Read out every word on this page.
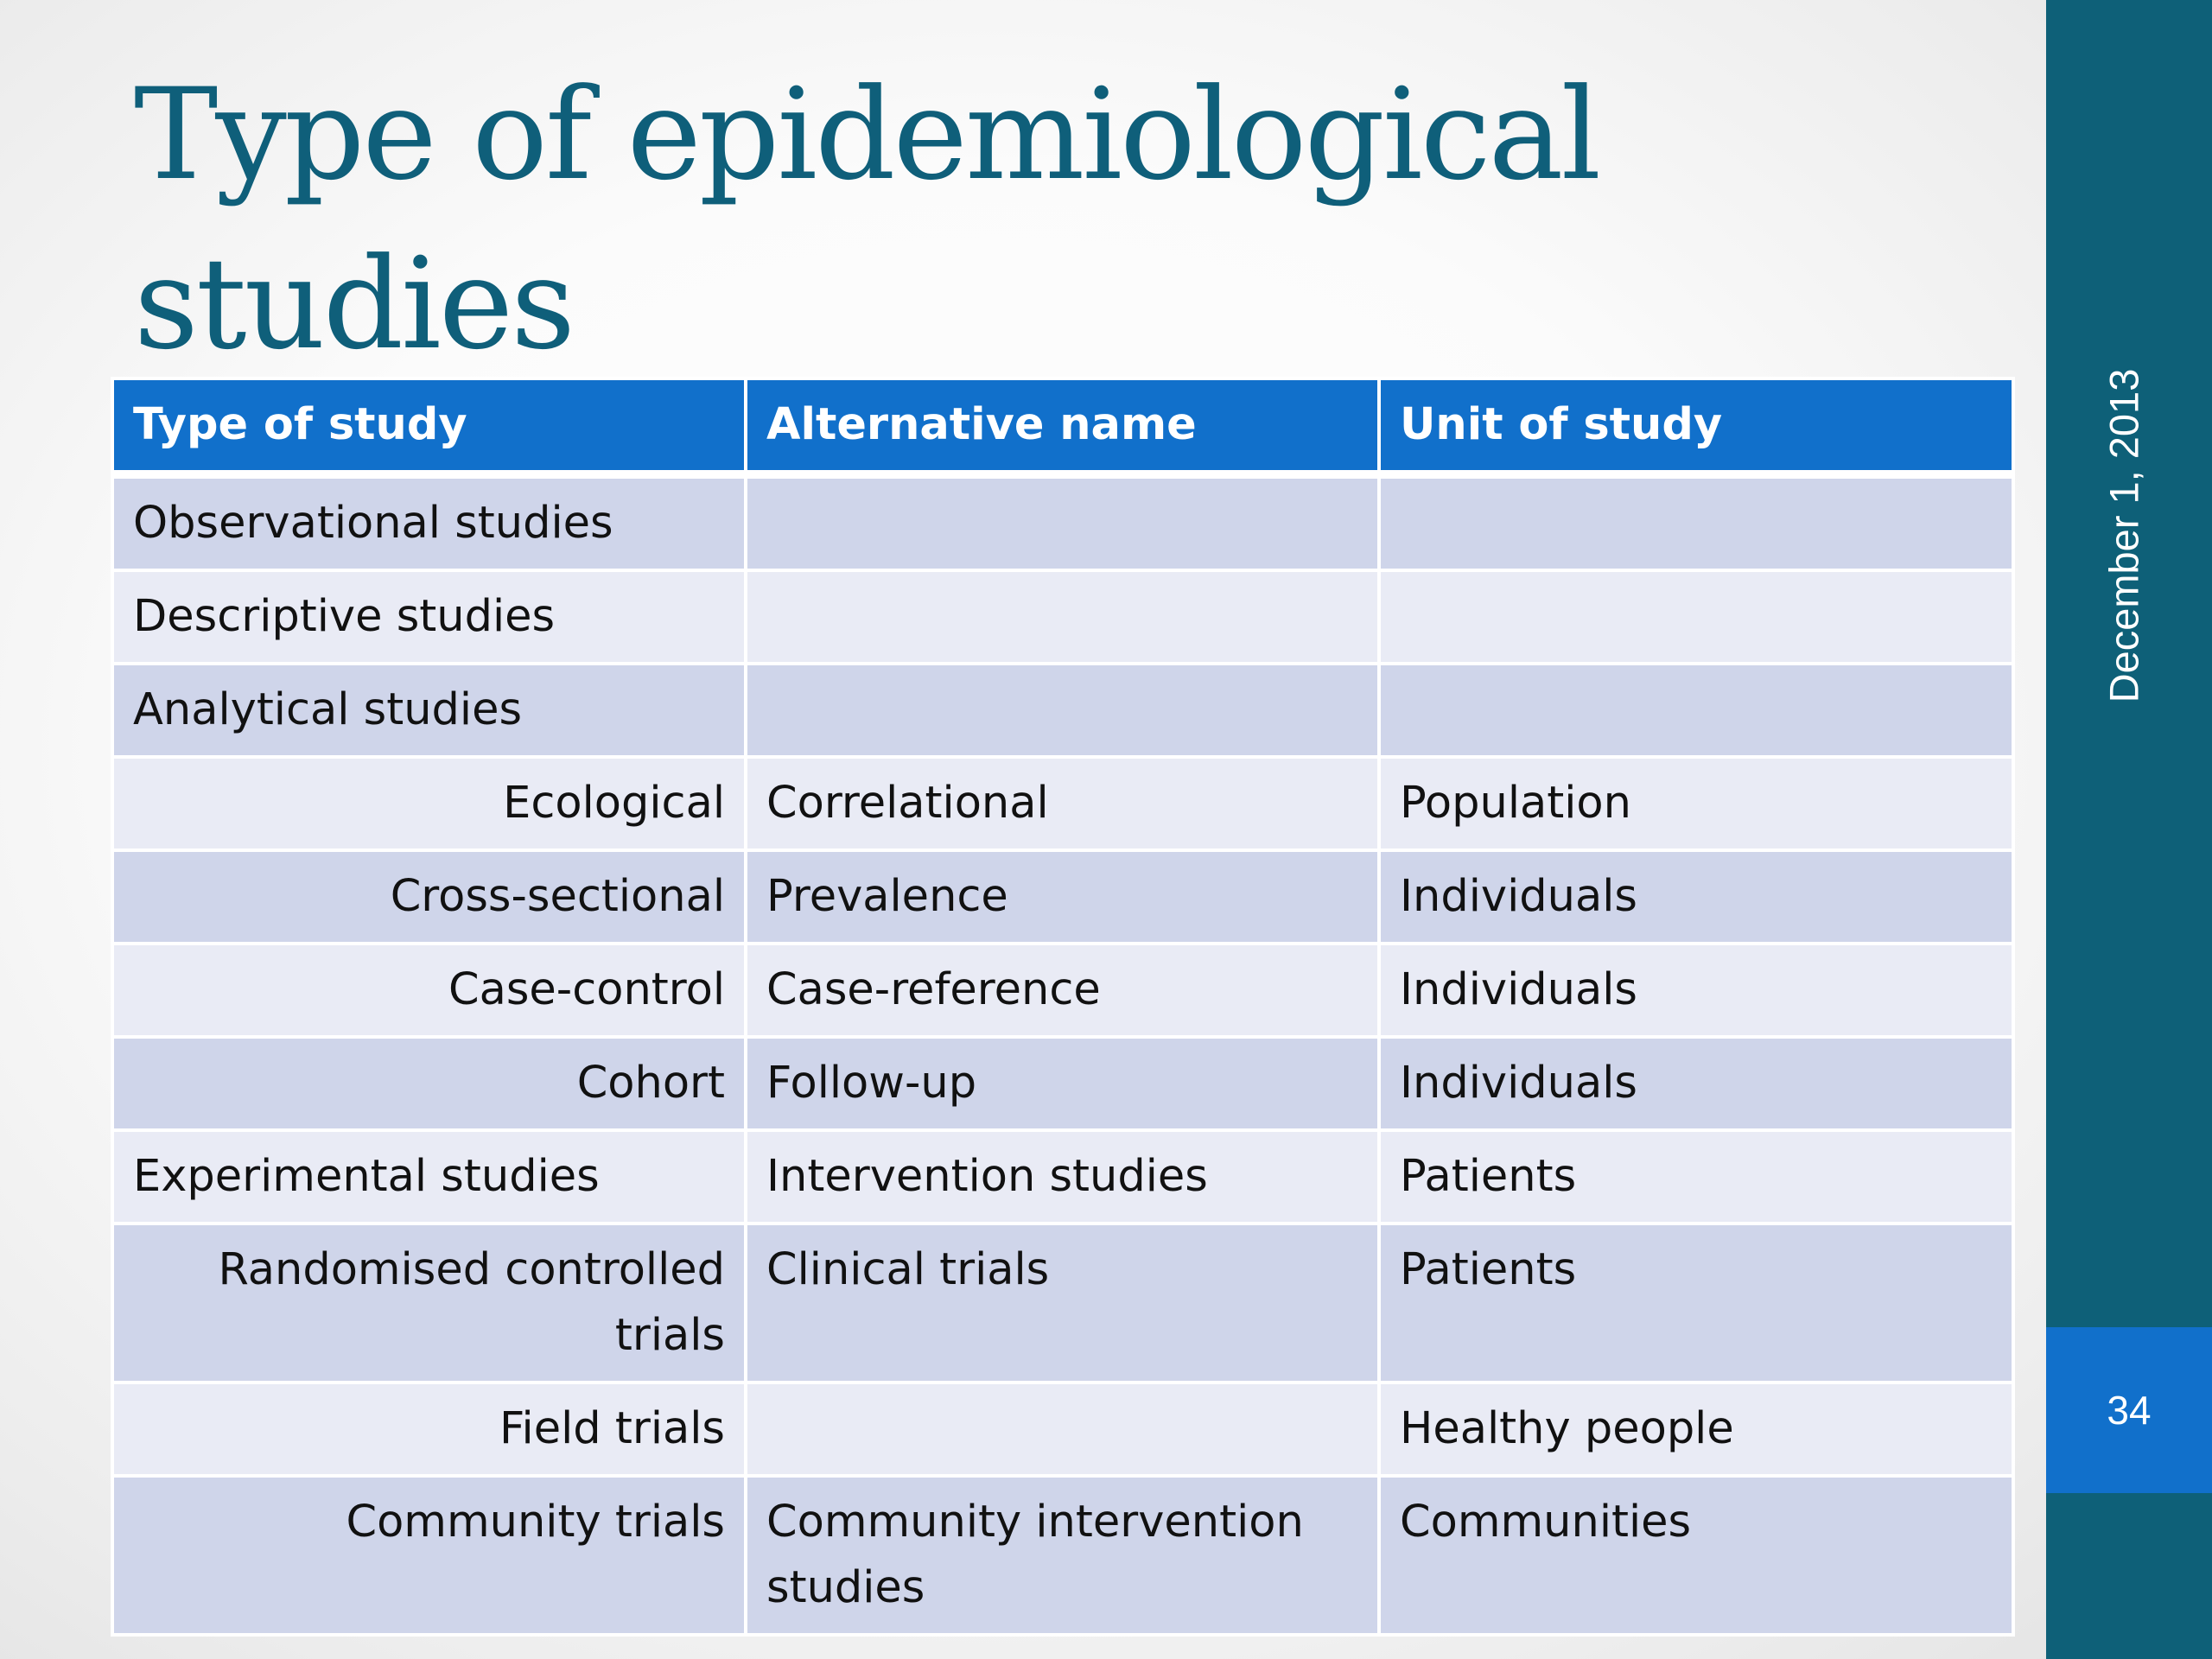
Type of epidemiological studies
December 1, 2013
34
Type of study	Alternative name	Unit of study
Observational studies		
Descriptive studies		
Analytical studies		
Ecological	Correlational	Population
Cross-sectional	Prevalence	Individuals
Case-control	Case-reference	Individuals
Cohort	Follow-up	Individuals
Experimental studies	Intervention studies	Patients
Randomised controlled trials	Clinical trials	Patients
Field trials		Healthy people
Community trials	Community intervention studies	Communities
